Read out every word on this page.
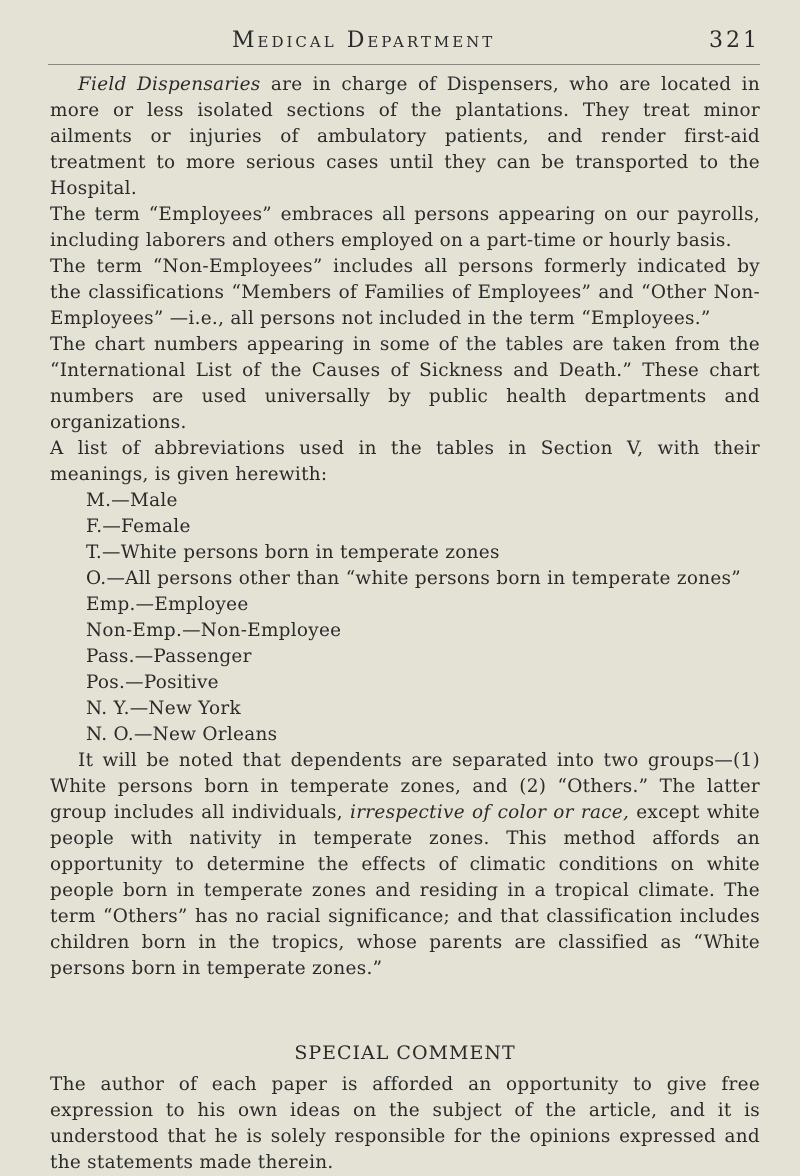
Medical Department	321

Field Dispensaries are in charge of Dispensers, who are located in more or less isolated sections of the plantations. They treat minor ailments or injuries of ambulatory patients, and render first-aid treatment to more serious cases until they can be transported to the Hospital.

The term “Employees” embraces all persons appearing on our payrolls, including laborers and others employed on a part-time or hourly basis.

The term “Non-Employees” includes all persons formerly indicated by the classifications “Members of Families of Employees” and “Other Non-Employees” —i.e., all persons not included in the term “Employees.”

The chart numbers appearing in some of the tables are taken from the “International List of the Causes of Sickness and Death.” These chart numbers are used universally by public health departments and organizations.

A list of abbreviations used in the tables in Section V, with their meanings, is given herewith:

M.—Male
F.—Female
T.—White persons born in temperate zones
O.—All persons other than “white persons born in temperate zones”
Emp.—Employee
Non-Emp.—Non-Employee
Pass.—Passenger
Pos.—Positive
N. Y.—New York
N. O.—New Orleans

It will be noted that dependents are separated into two groups—(1) White persons born in temperate zones, and (2) “Others.” The latter group includes all individuals, irrespective of color or race, except white people with nativity in temperate zones. This method affords an opportunity to determine the effects of climatic conditions on white people born in temperate zones and residing in a tropical climate. The term “Others” has no racial significance; and that classification includes children born in the tropics, whose parents are classified as “White persons born in temperate zones.”

SPECIAL COMMENT

The author of each paper is afforded an opportunity to give free expression to his own ideas on the subject of the article, and it is understood that he is solely responsible for the opinions expressed and the statements made therein.
